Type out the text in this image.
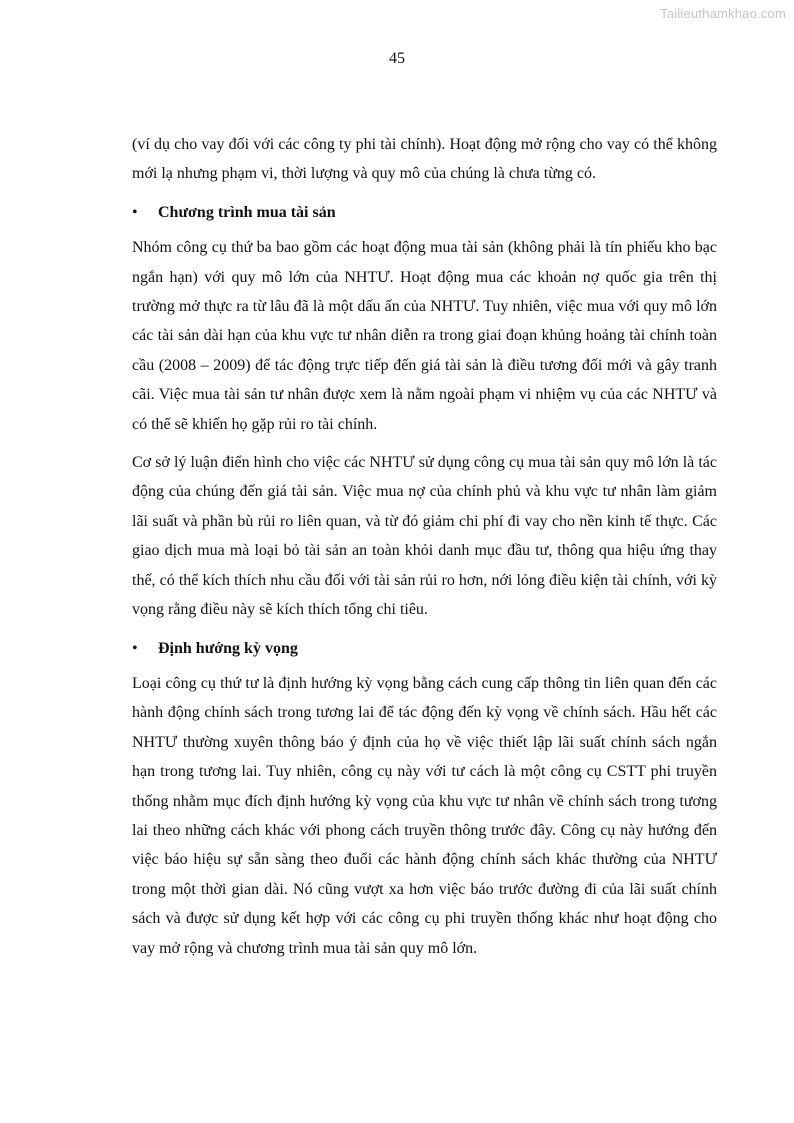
Tailieuthamkhao.com
45

(ví dụ cho vay đối với các công ty phi tài chính). Hoạt động mở rộng cho vay có thể không mới lạ nhưng phạm vi, thời lượng và quy mô của chúng là chưa từng có.

• Chương trình mua tài sản

Nhóm công cụ thứ ba bao gồm các hoạt động mua tài sản (không phải là tín phiếu kho bạc ngắn hạn) với quy mô lớn của NHTƯ. Hoạt động mua các khoản nợ quốc gia trên thị trường mở thực ra từ lâu đã là một dấu ấn của NHTƯ. Tuy nhiên, việc mua với quy mô lớn các tài sản dài hạn của khu vực tư nhân diễn ra trong giai đoạn khủng hoảng tài chính toàn cầu (2008 – 2009) để tác động trực tiếp đến giá tài sản là điều tương đối mới và gây tranh cãi. Việc mua tài sản tư nhân được xem là nằm ngoài phạm vi nhiệm vụ của các NHTƯ và có thể sẽ khiến họ gặp rủi ro tài chính.

Cơ sở lý luận điển hình cho việc các NHTƯ sử dụng công cụ mua tài sản quy mô lớn là tác động của chúng đến giá tài sản. Việc mua nợ của chính phủ và khu vực tư nhân làm giảm lãi suất và phần bù rủi ro liên quan, và từ đó giảm chi phí đi vay cho nền kinh tế thực. Các giao dịch mua mà loại bỏ tài sản an toàn khỏi danh mục đầu tư, thông qua hiệu ứng thay thế, có thể kích thích nhu cầu đối với tài sản rủi ro hơn, nới lỏng điều kiện tài chính, với kỳ vọng rằng điều này sẽ kích thích tổng chi tiêu.

• Định hướng kỳ vọng

Loại công cụ thứ tư là định hướng kỳ vọng bằng cách cung cấp thông tin liên quan đến các hành động chính sách trong tương lai để tác động đến kỳ vọng về chính sách. Hầu hết các NHTƯ thường xuyên thông báo ý định của họ về việc thiết lập lãi suất chính sách ngắn hạn trong tương lai. Tuy nhiên, công cụ này với tư cách là một công cụ CSTT phi truyền thống nhằm mục đích định hướng kỳ vọng của khu vực tư nhân về chính sách trong tương lai theo những cách khác với phong cách truyền thông trước đây. Công cụ này hướng đến việc báo hiệu sự sẵn sàng theo đuổi các hành động chính sách khác thường của NHTƯ trong một thời gian dài. Nó cũng vượt xa hơn việc báo trước đường đi của lãi suất chính sách và được sử dụng kết hợp với các công cụ phi truyền thống khác như hoạt động cho vay mở rộng và chương trình mua tài sản quy mô lớn.
